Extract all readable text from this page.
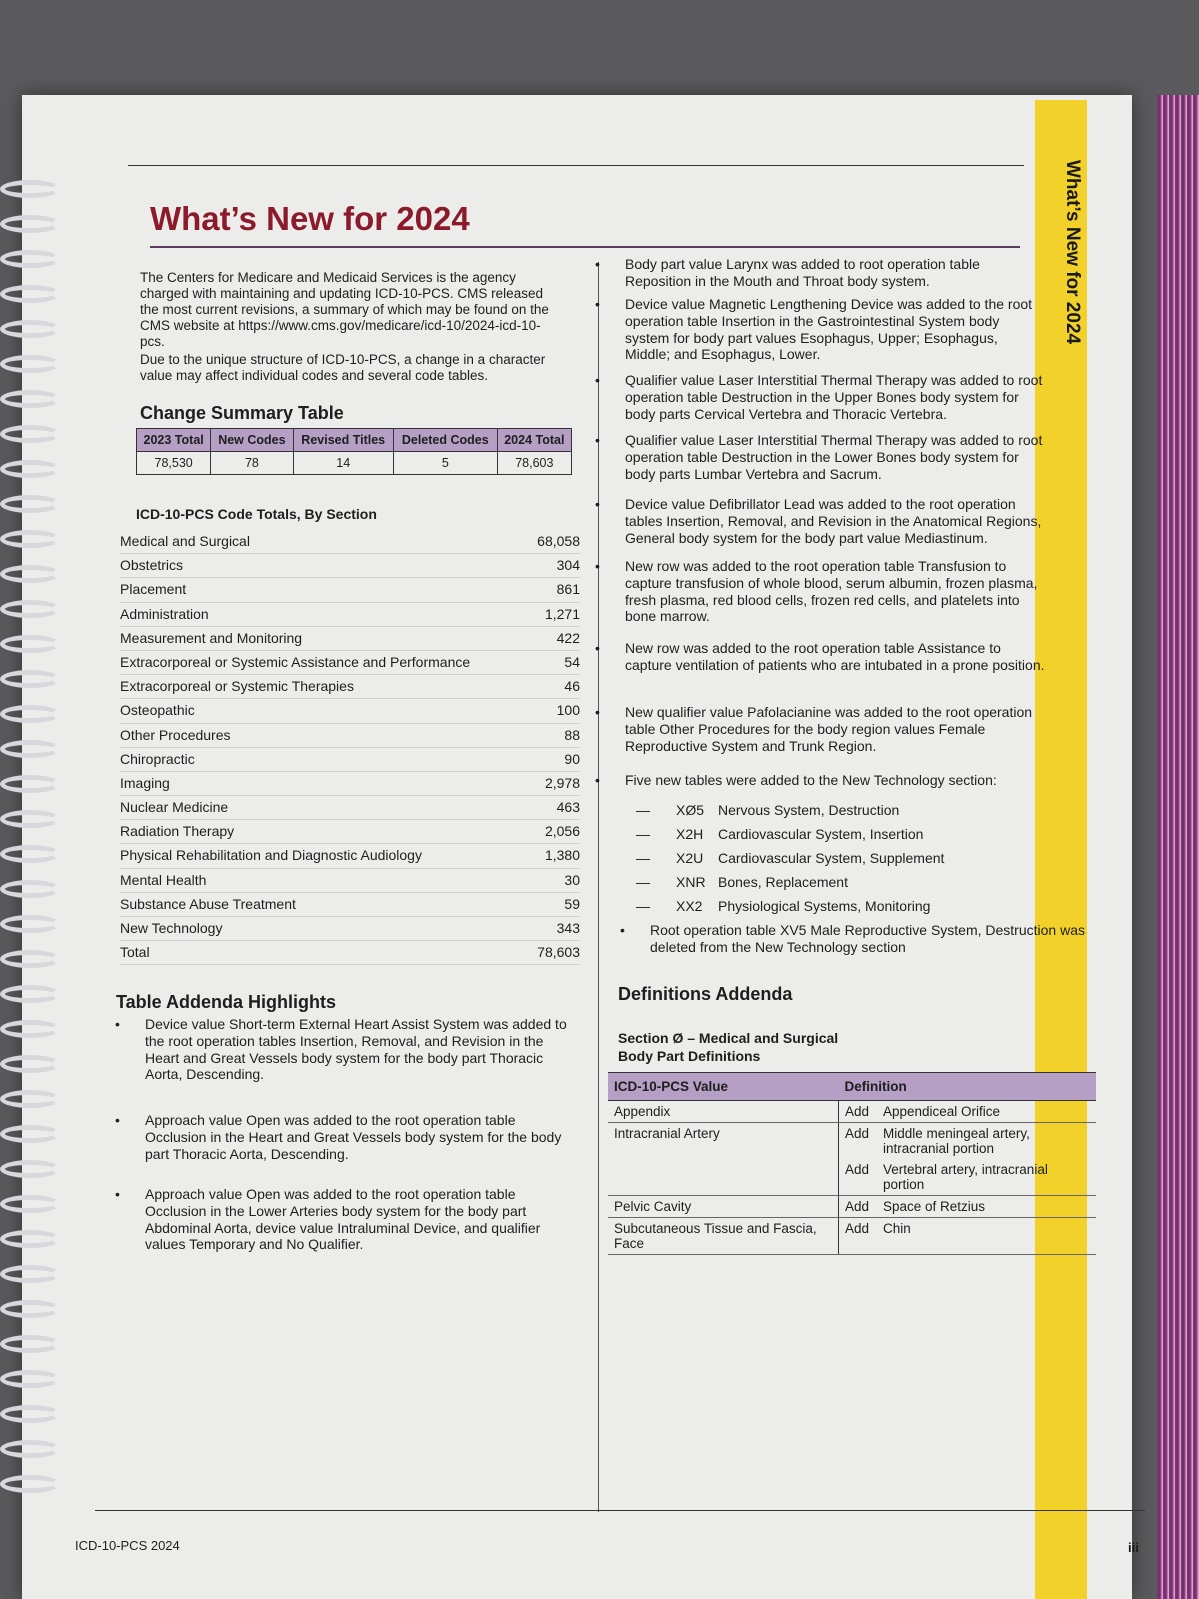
What’s New for 2024
What’s New for 2024

The Centers for Medicare and Medicaid Services is the agency charged with maintaining and updating ICD-10-PCS. CMS released the most current revisions, a summary of which may be found on the CMS website at https://www.cms.gov/medicare/icd-10/2024-icd-10-pcs.

Due to the unique structure of ICD-10-PCS, a change in a character value may affect individual codes and several code tables.

Change Summary Table
2023 Total	New Codes	Revised Titles	Deleted Codes	2024 Total
78,530	78	14	5	78,603
ICD-10-PCS Code Totals, By Section
Medical and Surgical	68,058
Obstetrics	304
Placement	861
Administration	1,271
Measurement and Monitoring	422
Extracorporeal or Systemic Assistance and Performance	54
Extracorporeal or Systemic Therapies	46
Osteopathic	100
Other Procedures	88
Chiropractic	90
Imaging	2,978
Nuclear Medicine	463
Radiation Therapy	2,056
Physical Rehabilitation and Diagnostic Audiology	1,380
Mental Health	30
Substance Abuse Treatment	59
New Technology	343
Total	78,603
Table Addenda Highlights

• Device value Short-term External Heart Assist System was added to the root operation tables Insertion, Removal, and Revision in the Heart and Great Vessels body system for the body part Thoracic Aorta, Descending.

• Approach value Open was added to the root operation table Occlusion in the Heart and Great Vessels body system for the body part Thoracic Aorta, Descending.

• Approach value Open was added to the root operation table Occlusion in the Lower Arteries body system for the body part Abdominal Aorta, device value Intraluminal Device, and qualifier values Temporary and No Qualifier.

• Body part value Larynx was added to root operation table Reposition in the Mouth and Throat body system.

• Device value Magnetic Lengthening Device was added to the root operation table Insertion in the Gastrointestinal System body system for body part values Esophagus, Upper; Esophagus, Middle; and Esophagus, Lower.

• Qualifier value Laser Interstitial Thermal Therapy was added to root operation table Destruction in the Upper Bones body system for body parts Cervical Vertebra and Thoracic Vertebra.

• Qualifier value Laser Interstitial Thermal Therapy was added to root operation table Destruction in the Lower Bones body system for body parts Lumbar Vertebra and Sacrum.

• Device value Defibrillator Lead was added to the root operation tables Insertion, Removal, and Revision in the Anatomical Regions, General body system for the body part value Mediastinum.

• New row was added to the root operation table Transfusion to capture transfusion of whole blood, serum albumin, frozen plasma, fresh plasma, red blood cells, frozen red cells, and platelets into bone marrow.

• New row was added to the root operation table Assistance to capture ventilation of patients who are intubated in a prone position.

• New qualifier value Pafolacianine was added to the root operation table Other Procedures for the body region values Female Reproductive System and Trunk Region.

• Five new tables were added to the New Technology section:

—	XØ5 Nervous System, Destruction
—	X2H	Cardiovascular System, Insertion
—	X2U	Cardiovascular System, Supplement
—	XNR Bones, Replacement
—	XX2	Physiological Systems, Monitoring

• Root operation table XV5 Male Reproductive System, Destruction was deleted from the New Technology section

Definitions Addenda
Section Ø – Medical and Surgical
Body Part Definitions
ICD-10-PCS Value	Definition	
Appendix	Add	Appendiceal Orifice
Intracranial Artery	Add	Middle meningeal artery, intracranial portion
	Add	Vertebral artery, intracranial portion
Pelvic Cavity	Add	Space of Retzius
Subcutaneous Tissue and Fascia, Face	Add	Chin
ICD-10-PCS 2024	iii
